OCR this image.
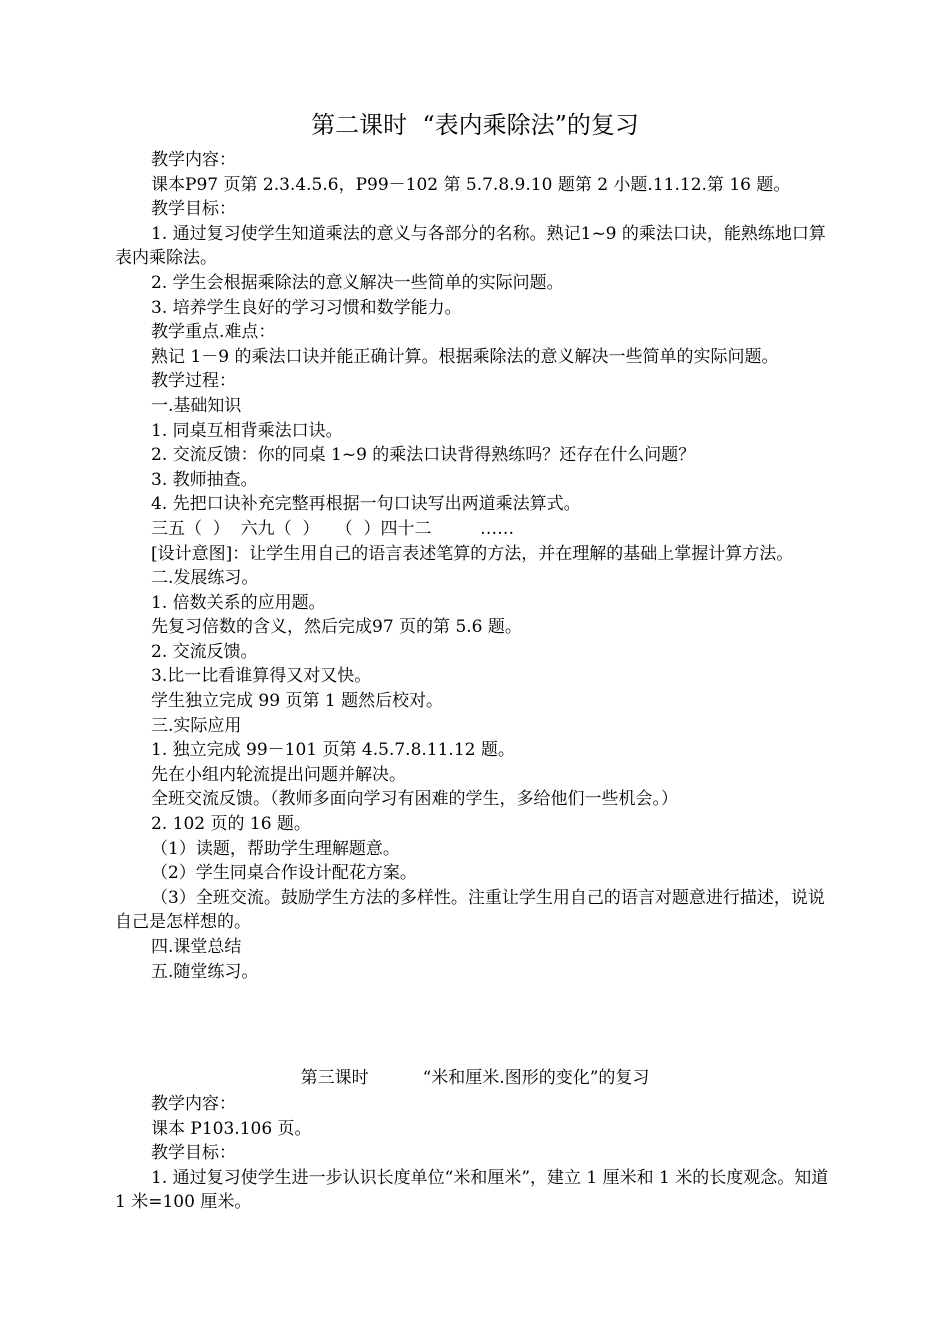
第二课时  “表内乘除法”的复习

教学内容：

课本P97 页第 2.3.4.5.6，P99－102 第 5.7.8.9.10 题第 2 小题.11.12.第 16 题。

教学目标：

1. 通过复习使学生知道乘法的意义与各部分的名称。熟记1~9 的乘法口诀，能熟练地口算表内乘除法。

2. 学生会根据乘除法的意义解决一些简单的实际问题。

3. 培养学生良好的学习习惯和数学能力。

教学重点.难点：

熟记 1－9 的乘法口诀并能正确计算。根据乘除法的意义解决一些简单的实际问题。

教学过程：

一.基础知识

1. 同桌互相背乘法口诀。

2. 交流反馈：你的同桌 1~9 的乘法口诀背得熟练吗？还存在什么问题？

3. 教师抽查。

4. 先把口诀补充完整再根据一句口诀写出两道乘法算式。

三五（  ）  六九（  ）   （  ）四十二         ……

[设计意图]：让学生用自己的语言表述笔算的方法，并在理解的基础上掌握计算方法。

二.发展练习。

1. 倍数关系的应用题。

先复习倍数的含义，然后完成97 页的第 5.6 题。

2. 交流反馈。

3.比一比看谁算得又对又快。

学生独立完成 99 页第 1 题然后校对。

三.实际应用

1. 独立完成 99－101 页第 4.5.7.8.11.12 题。

先在小组内轮流提出问题并解决。

全班交流反馈。（教师多面向学习有困难的学生，多给他们一些机会。）

2. 102 页的 16 题。

（1）读题，帮助学生理解题意。

（2）学生同桌合作设计配花方案。

（3）全班交流。鼓励学生方法的多样性。注重让学生用自己的语言对题意进行描述，说说自己是怎样想的。

四.课堂总结

五.随堂练习。

第三课时          “米和厘米.图形的变化”的复习

教学内容：

课本 P103.106 页。

教学目标：

1. 通过复习使学生进一步认识长度单位“米和厘米”，建立 1 厘米和 1 米的长度观念。知道 1 米=100 厘米。
